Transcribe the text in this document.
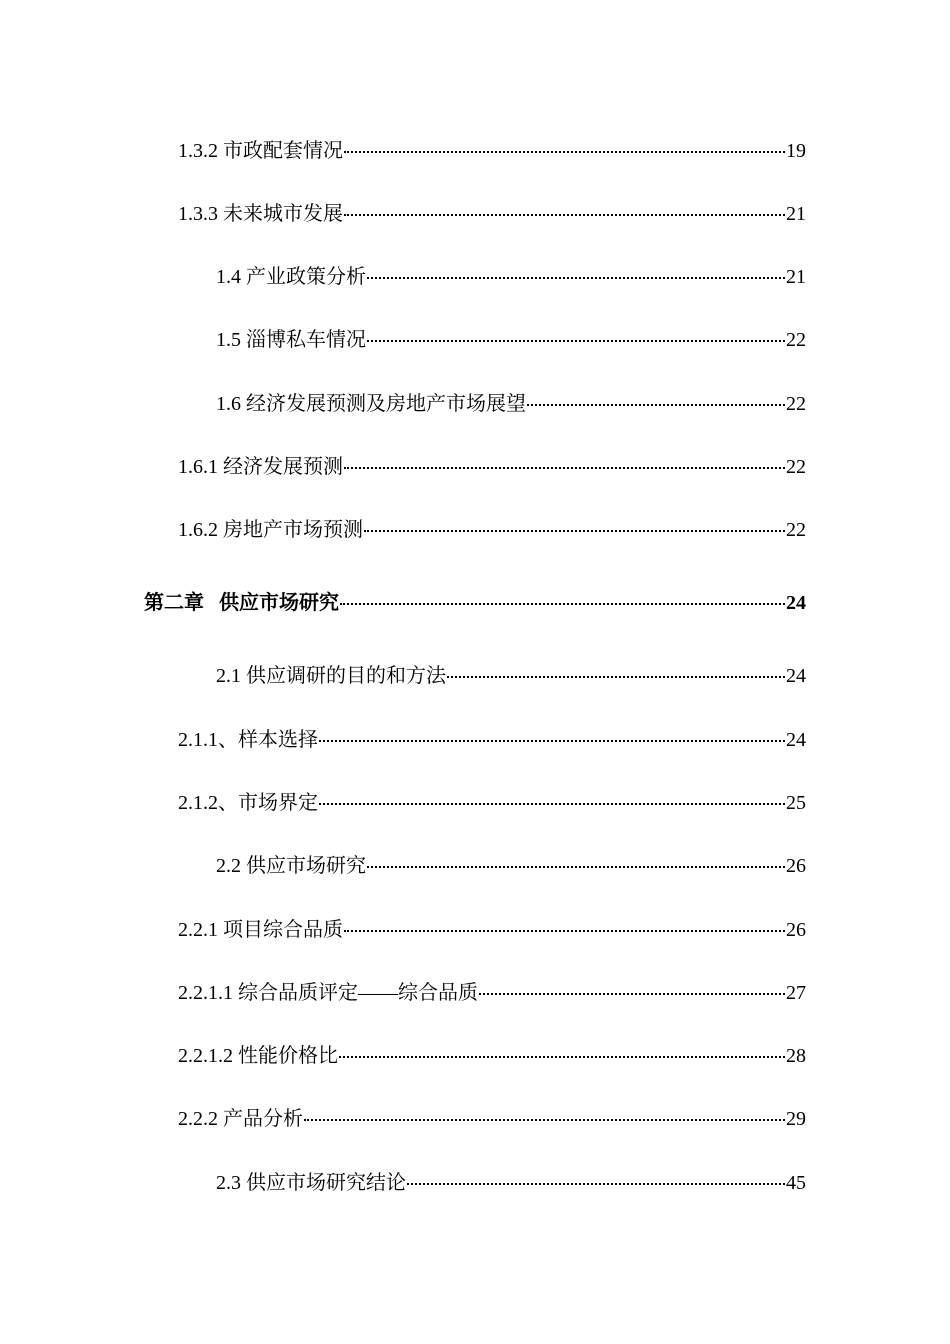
1.3.2 市政配套情况	19
1.3.3 未来城市发展	21
1.4 产业政策分析	21
1.5 淄博私车情况	22
1.6 经济发展预测及房地产市场展望	22
1.6.1 经济发展预测	22
1.6.2 房地产市场预测	22
第二章   供应市场研究	24
2.1 供应调研的目的和方法	24
2.1.1、样本选择	24
2.1.2、市场界定	25
2.2 供应市场研究	26
2.2.1 项目综合品质	26
2.2.1.1 综合品质评定——综合品质	27
2.2.1.2 性能价格比	28
2.2.2 产品分析	29
2.3 供应市场研究结论	45
